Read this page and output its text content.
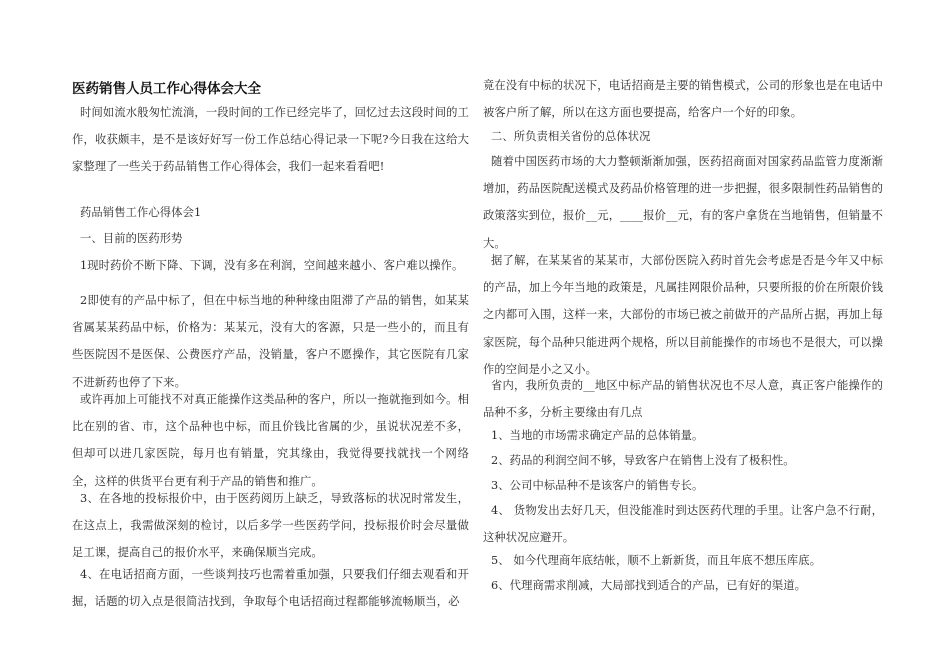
医药销售人员工作心得体会大全

时间如流水般匆忙流淌，一段时间的工作已经完毕了，回忆过去这段时间的工作，收获颇丰，是不是该好好写一份工作总结心得记录一下呢?今日我在这给大家整理了一些关于药品销售工作心得体会，我们一起来看看吧!

药品销售工作心得体会1

一、目前的医药形势

1现时药价不断下降、下调，没有多在利润，空间越来越小、客户难以操作。

2即使有的产品中标了，但在中标当地的种种缘由阻滞了产品的销售，如某某省属某某药品中标，价格为：某某元，没有大的客源，只是一些小的，而且有些医院因不是医保、公费医疗产品，没销量，客户不愿操作，其它医院有几家不进新药也停了下来。

或许再加上可能找不对真正能操作这类品种的客户，所以一拖就拖到如今。相比在别的省、市，这个品种也中标，而且价钱比省属的少，虽说状况差不多，但却可以进几家医院，每月也有销量，究其缘由，我觉得要找就找一个网络全，这样的供货平台更有利于产品的销售和推广。

3、在各地的投标报价中，由于医药阅历上缺乏，导致落标的状况时常发生，在这点上，我需做深刻的检讨，以后多学一些医药学问，投标报价时会尽量做足工课，提高自己的报价水平，来确保顺当完成。

4、在电话招商方面，一些谈判技巧也需着重加强，只要我们仔细去观看和开掘，话题的切入点是很简洁找到，争取每个电话招商过程都能够流畅顺当，必

竟在没有中标的状况下，电话招商是主要的销售模式，公司的形象也是在电话中被客户所了解，所以在这方面也要提高，给客户一个好的印象。

二、所负责相关省份的总体状况

随着中国医药市场的大力整顿渐渐加强，医药招商面对国家药品监管力度渐渐增加，药品医院配送模式及药品价格管理的进一步把握，很多限制性药品销售的政策落实到位，报价__元，____报价__元，有的客户拿货在当地销售，但销量不大。

据了解，在某某省的某某市，大部份医院入药时首先会考虑是否是今年又中标的产品，加上今年当地的政策是，凡属挂网限价品种，只要所报的价在所限价钱之内都可入围，这样一来，大部份的市场已被之前做开的产品所占据，再加上每家医院，每个品种只能进两个规格，所以目前能操作的市场也不是很大，可以操作的空间是小之又小。

省内，我所负责的__地区中标产品的销售状况也不尽人意，真正客户能操作的品种不多，分析主要缘由有几点

1、当地的市场需求确定产品的总体销量。

2、药品的利润空间不够，导致客户在销售上没有了极积性。

3、公司中标品种不是该客户的销售专长。

4、 货物发出去好几天，但没能准时到达医药代理的手里。让客户急不行耐，这种状况应避开。

5、 如今代理商年底结帐，顺不上新新货，而且年底不想压库底。

6、代理商需求削减，大局部找到适合的产品，已有好的渠道。
